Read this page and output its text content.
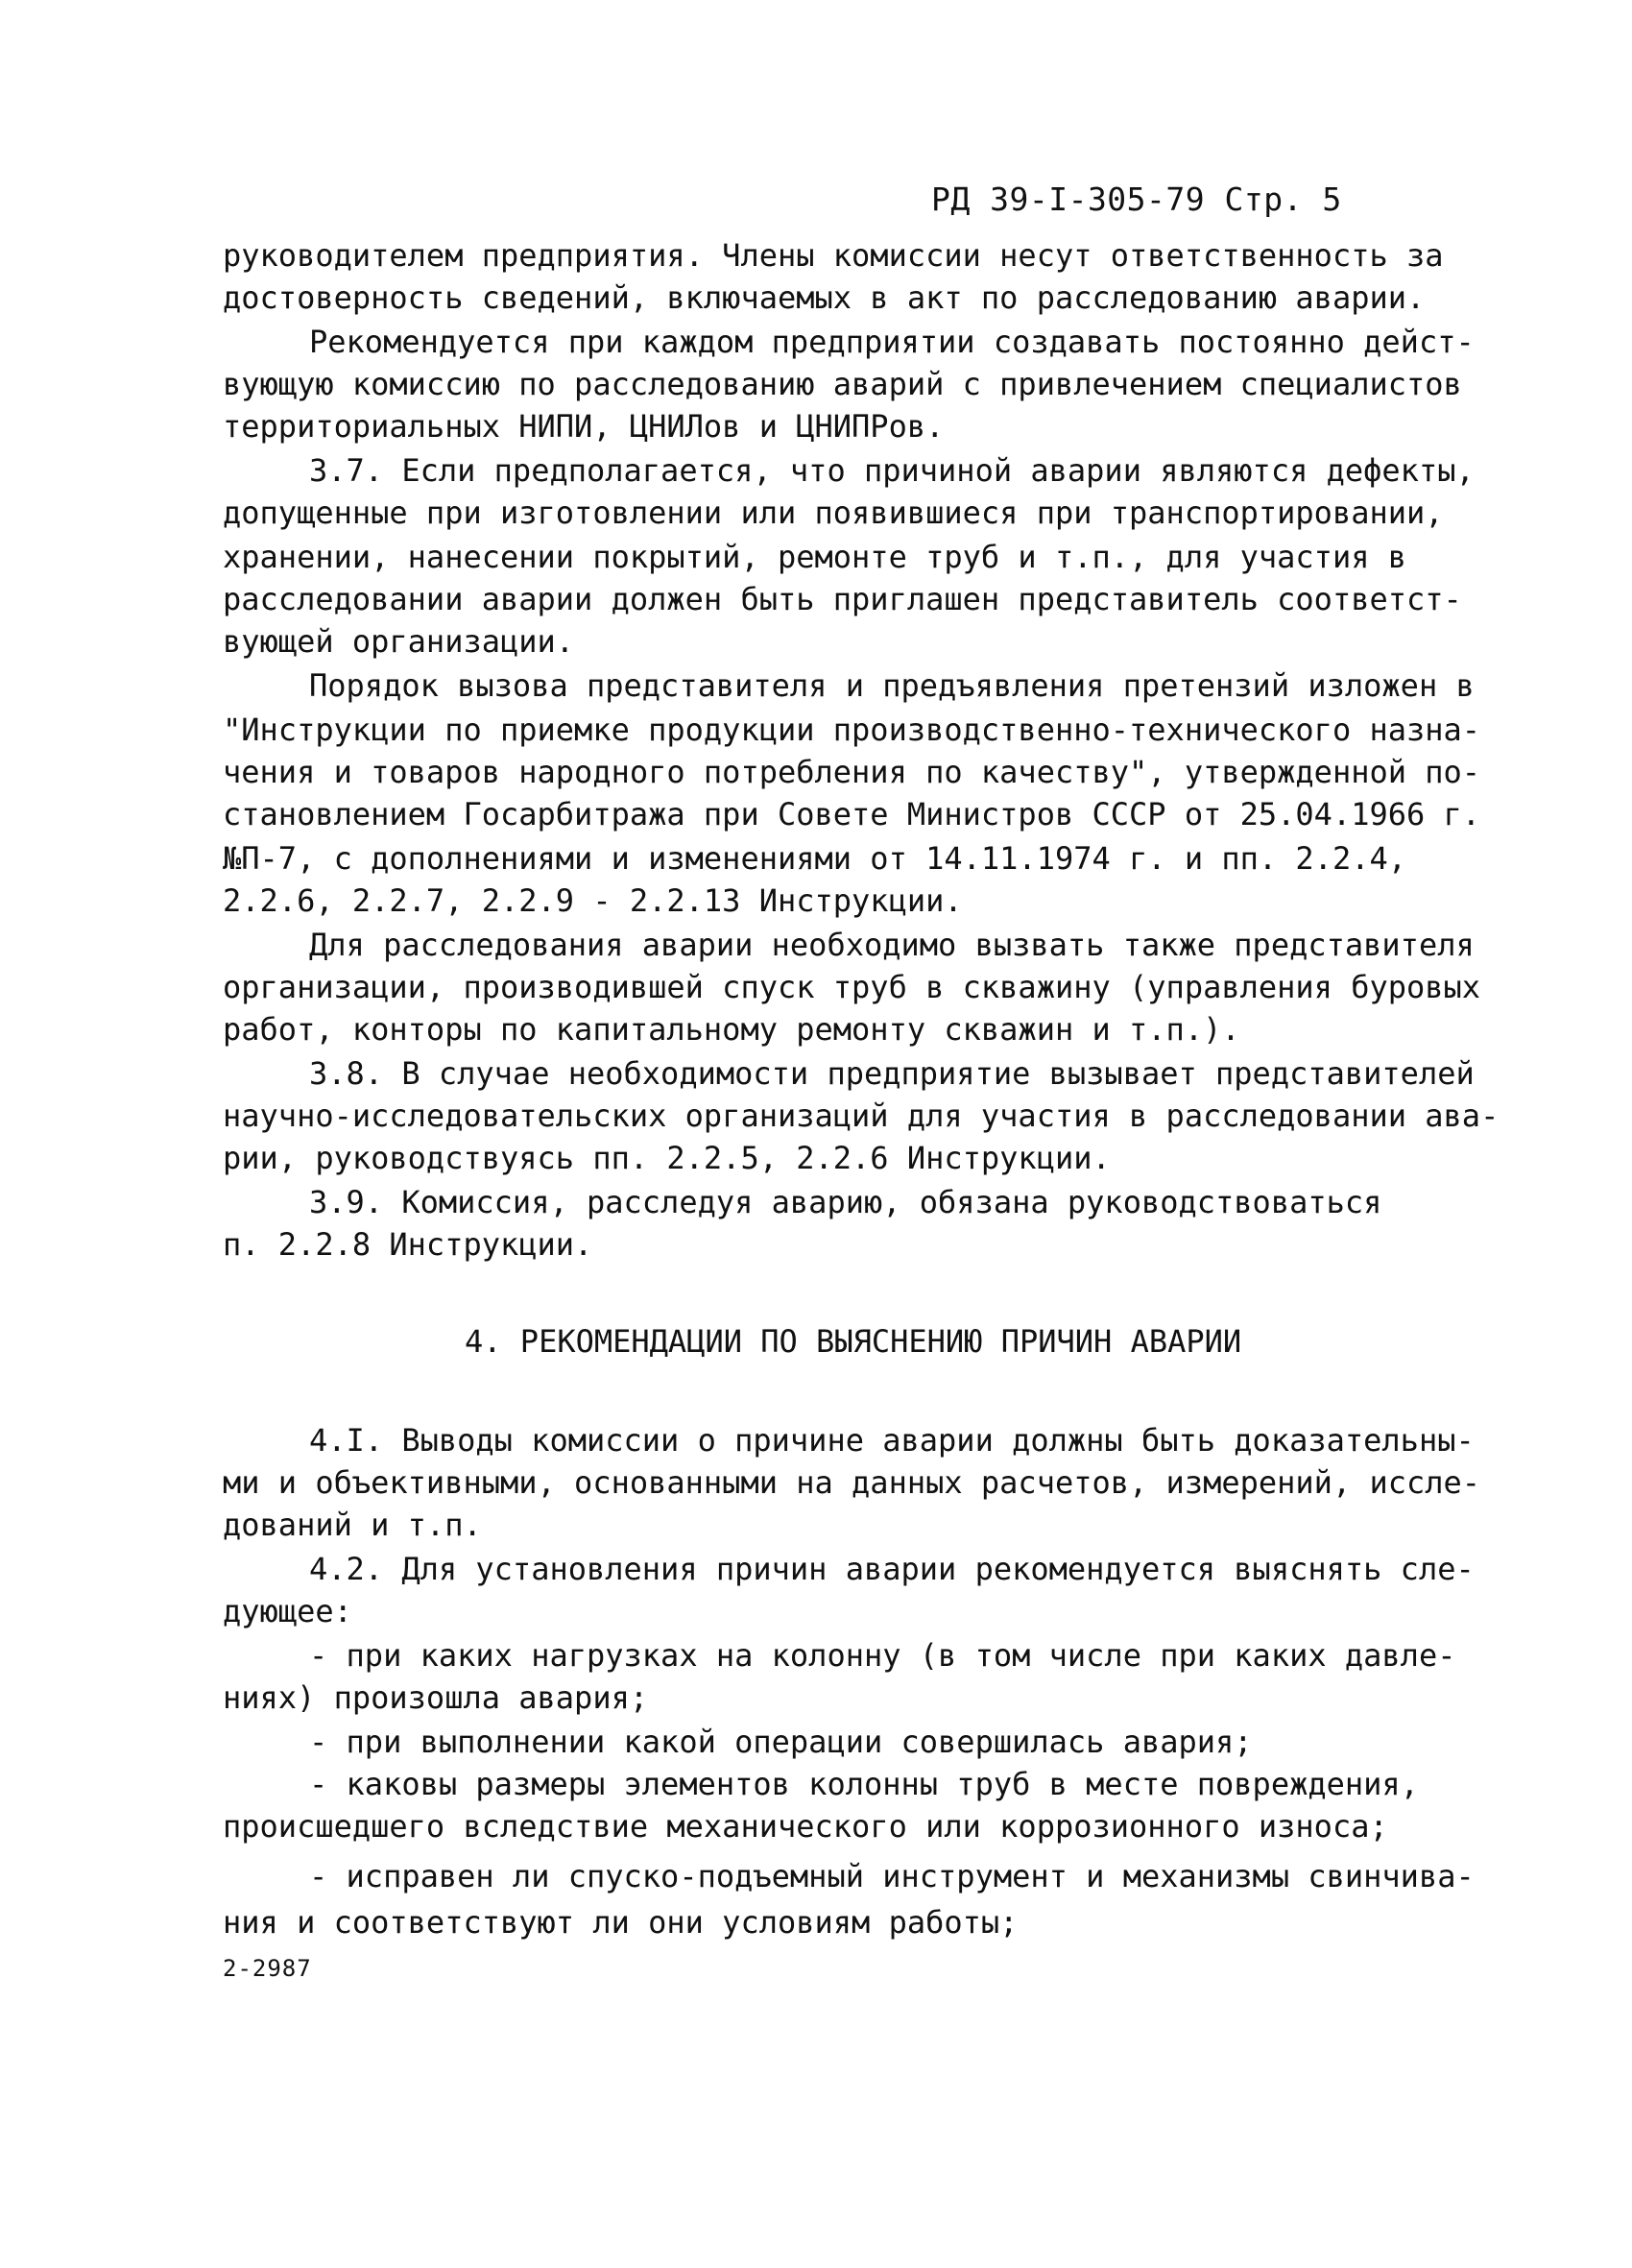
РД 39-I-305-79 Стр. 5
руководителем предприятия. Члены комиссии несут ответственность за
достоверность сведений, включаемых в акт по расследованию аварии.
Рекомендуется при каждом предприятии создавать постоянно дейст-
вующую комиссию по расследованию аварий с привлечением специалистов
территориальных НИПИ, ЦНИЛов и ЦНИПРов.
3.7. Если предполагается, что причиной аварии являются дефекты,
допущенные при изготовлении или появившиеся при транспортировании,
хранении, нанесении покрытий, ремонте труб и т.п., для участия в
расследовании аварии должен быть приглашен представитель соответст-
вующей организации.
Порядок вызова представителя и предъявления претензий изложен в
"Инструкции по приемке продукции производственно-технического назна-
чения и товаров народного потребления по качеству", утвержденной по-
становлением Госарбитража при Совете Министров СССР от 25.04.1966 г.
№П-7, с дополнениями и изменениями от 14.11.1974 г. и пп. 2.2.4,
2.2.6, 2.2.7, 2.2.9 - 2.2.13 Инструкции.
Для расследования аварии необходимо вызвать также представителя
организации, производившей спуск труб в скважину (управления буровых
работ, конторы по капитальному ремонту скважин и т.п.).
3.8. В случае необходимости предприятие вызывает представителей
научно-исследовательских организаций для участия в расследовании ава-
рии, руководствуясь пп. 2.2.5, 2.2.6 Инструкции.
3.9. Комиссия, расследуя аварию, обязана руководствоваться
п. 2.2.8 Инструкции.
4. РЕКОМЕНДАЦИИ ПО ВЫЯСНЕНИЮ ПРИЧИН АВАРИИ
4.I. Выводы комиссии о причине аварии должны быть доказательны-
ми и объективными, основанными на данных расчетов, измерений, иссле-
дований и т.п.
4.2. Для установления причин аварии рекомендуется выяснять сле-
дующее:
- при каких нагрузках на колонну (в том числе при каких давле-
ниях) произошла авария;
- при выполнении какой операции совершилась авария;
- каковы размеры элементов колонны труб в месте повреждения,
происшедшего вследствие механического или коррозионного износа;
- исправен ли спуско-подъемный инструмент и механизмы свинчива-
ния и соответствуют ли они условиям работы;
2-2987
